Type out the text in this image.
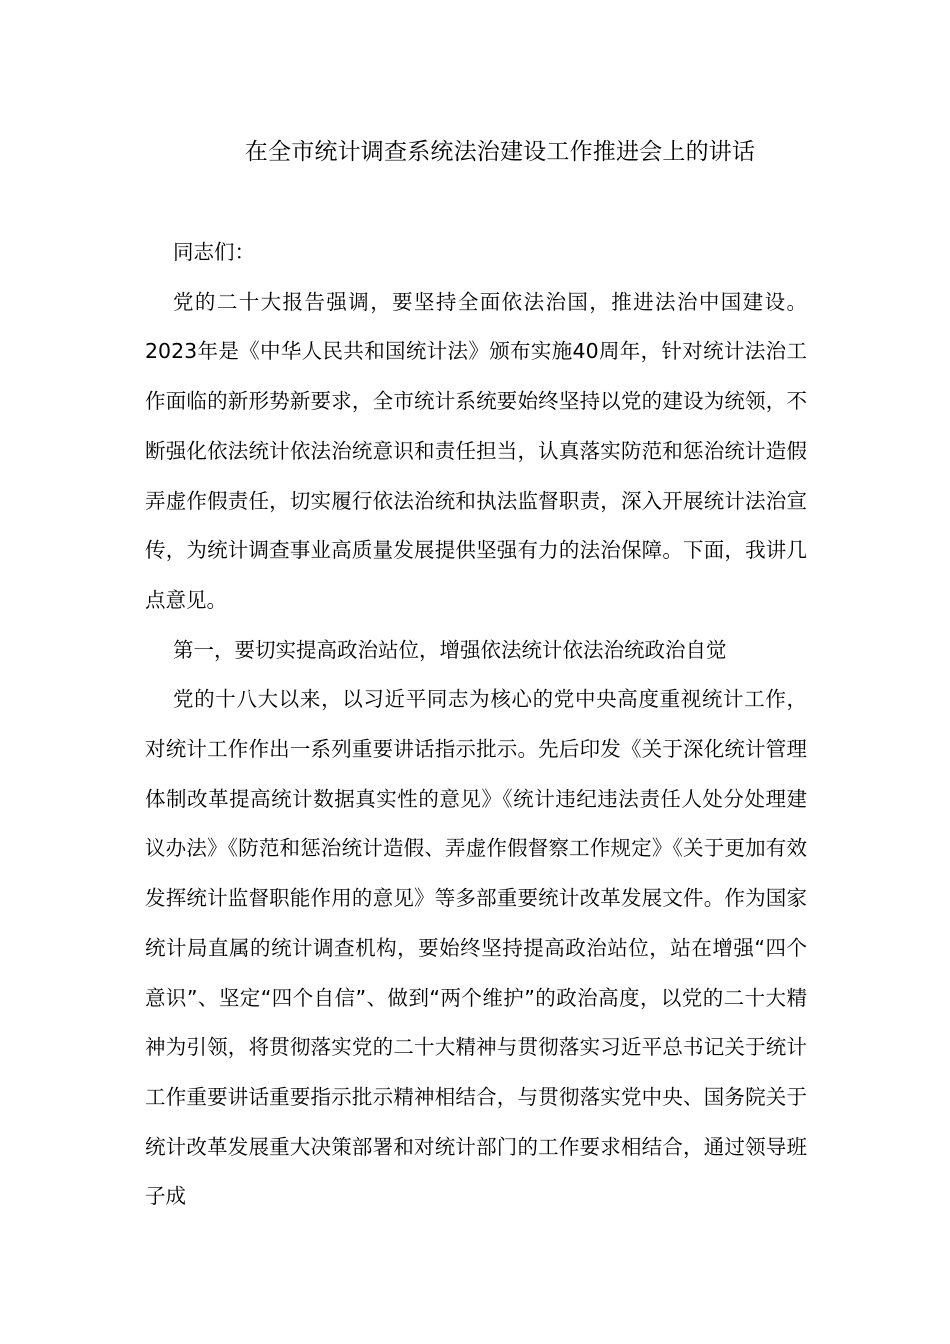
在全市统计调查系统法治建设工作推进会上的讲话

同志们：

党的二十大报告强调，要坚持全面依法治国，推进法治中国建设。2023年是《中华人民共和国统计法》颁布实施40周年，针对统计法治工作面临的新形势新要求，全市统计系统要始终坚持以党的建设为统领，不断强化依法统计依法治统意识和责任担当，认真落实防范和惩治统计造假弄虚作假责任，切实履行依法治统和执法监督职责，深入开展统计法治宣传，为统计调查事业高质量发展提供坚强有力的法治保障。下面，我讲几点意见。

第一，要切实提高政治站位，增强依法统计依法治统政治自觉

党的十八大以来，以习近平同志为核心的党中央高度重视统计工作，对统计工作作出一系列重要讲话指示批示。先后印发《关于深化统计管理体制改革提高统计数据真实性的意见》《统计违纪违法责任人处分处理建议办法》《防范和惩治统计造假、弄虚作假督察工作规定》《关于更加有效发挥统计监督职能作用的意见》等多部重要统计改革发展文件。作为国家统计局直属的统计调查机构，要始终坚持提高政治站位，站在增强“四个意识”、坚定“四个自信”、做到“两个维护”的政治高度，以党的二十大精神为引领，将贯彻落实党的二十大精神与贯彻落实习近平总书记关于统计工作重要讲话重要指示批示精神相结合，与贯彻落实党中央、国务院关于统计改革发展重大决策部署和对统计部门的工作要求相结合，通过领导班子成
